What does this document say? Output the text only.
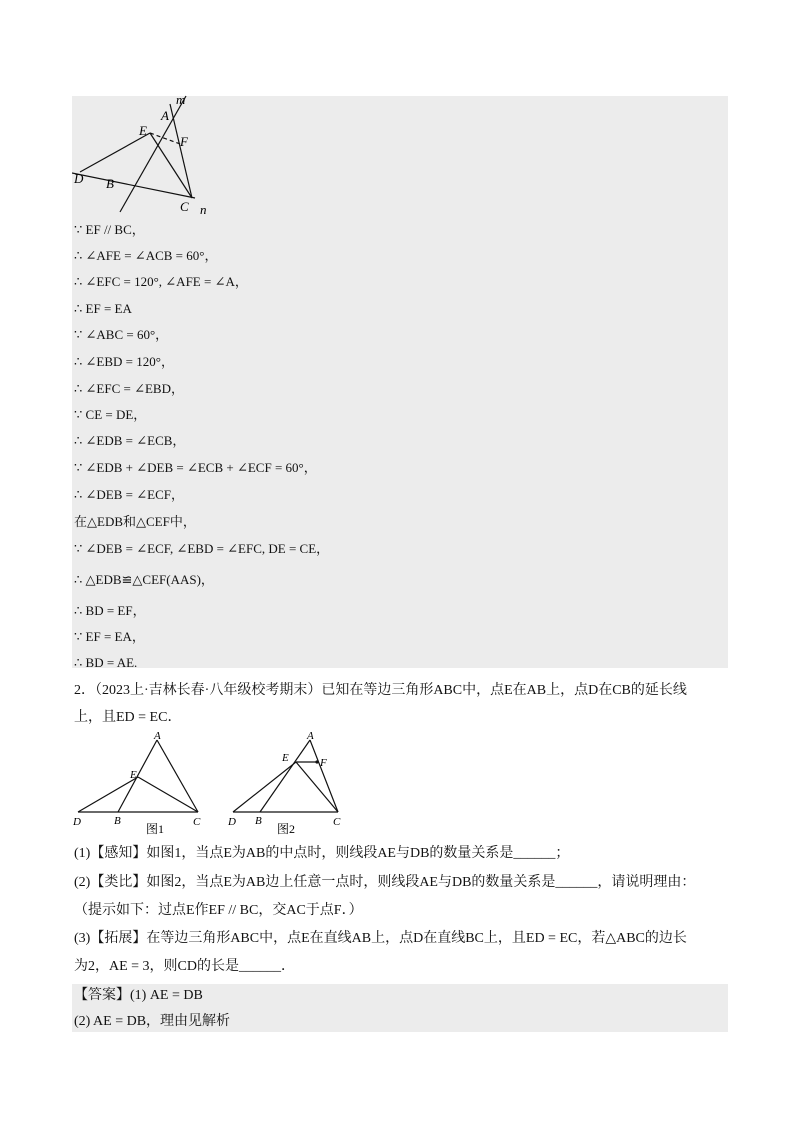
m
A
E
F
D B
C n
∵ EF // BC，
∴ ∠AFE = ∠ACB = 60°，
∴ ∠EFC = 120°, ∠AFE = ∠A，
∴ EF = EA
∵ ∠ABC = 60°，
∴ ∠EBD = 120°，
∴ ∠EFC = ∠EBD，
∵ CE = DE，
∴ ∠EDB = ∠ECB，
∵ ∠EDB + ∠DEB = ∠ECB + ∠ECF = 60°，
∴ ∠DEB = ∠ECF，
在△EDB和△CEF中，
∵ ∠DEB = ∠ECF, ∠EBD = ∠EFC, DE = CE，
∴ △EDB≌△CEF(AAS)，
∴ BD = EF，
∵ EF = EA，
∴ BD = AE.
2．（2023上·吉林长春·八年级校考期末）已知在等边三角形ABC中，点E在AB上，点D在CB的延长线
上，且ED = EC．
A
E
D	B	C
图1
A
E	F
D B	C
图2
(1)【感知】如图1，当点E为AB的中点时，则线段AE与DB的数量关系是______；
(2)【类比】如图2，当点E为AB边上任意一点时，则线段AE与DB的数量关系是______，请说明理由：
（提示如下：过点E作EF // BC，交AC于点F．）
(3)【拓展】在等边三角形ABC中，点E在直线AB上，点D在直线BC上，且ED = EC，若△ABC的边长
为2，AE = 3，则CD的长是______．
【答案】(1) AE = DB
(2) AE = DB，理由见解析
